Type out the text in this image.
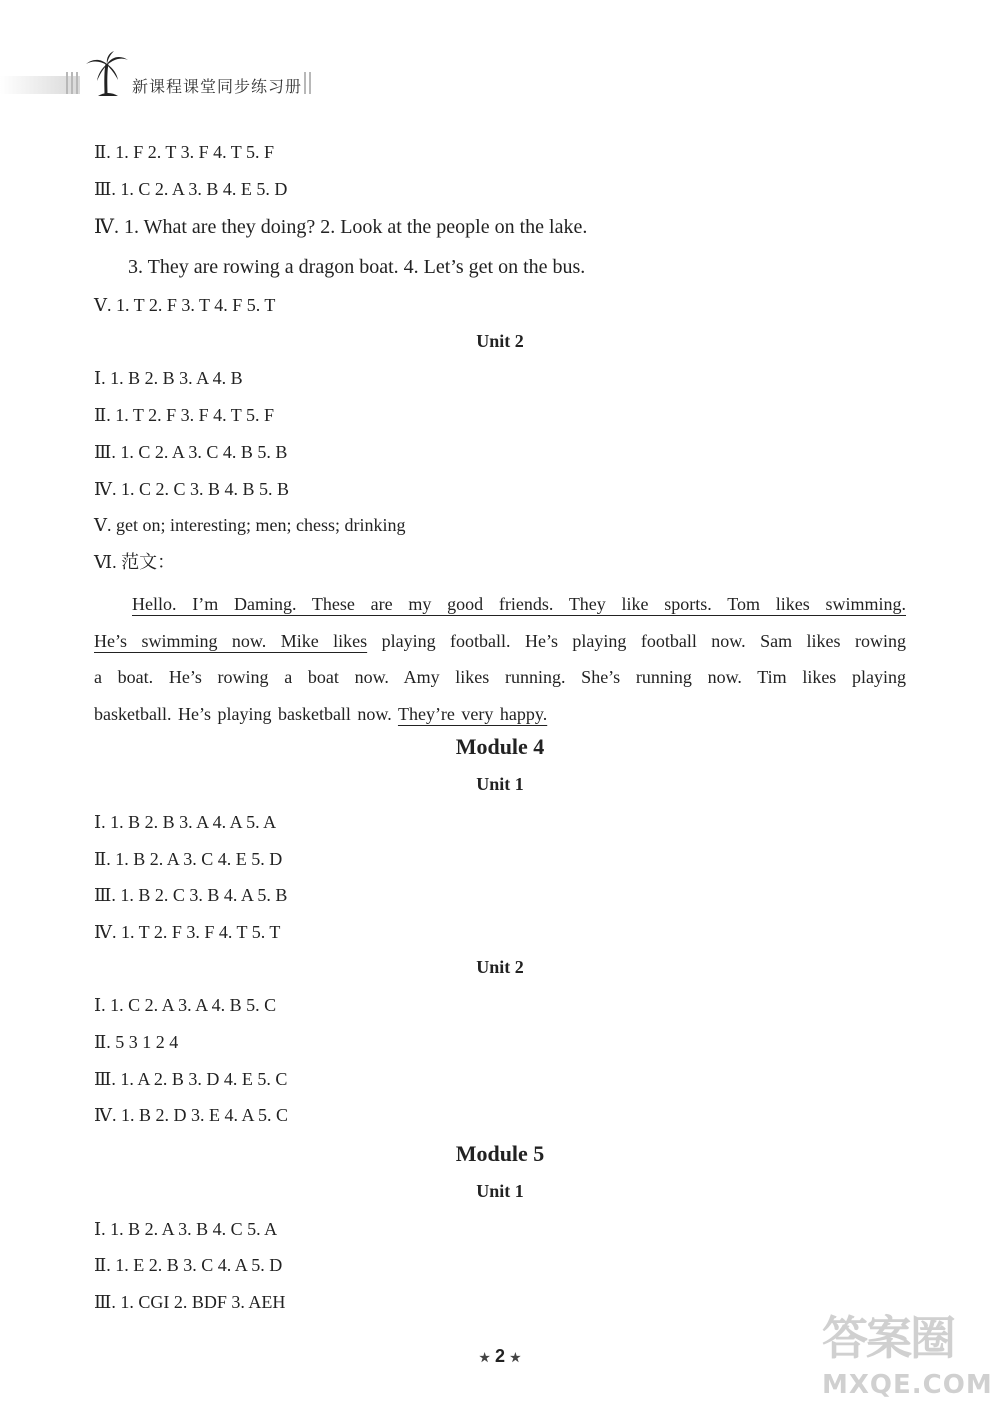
新课程课堂同步练习册
Ⅱ. 1. F 2. T 3. F 4. T 5. F
Ⅲ. 1. C 2. A 3. B 4. E 5. D
Ⅳ. 1. What are they doing? 2. Look at the people on the lake.
3. They are rowing a dragon boat. 4. Let’s get on the bus.
Ⅴ. 1. T 2. F 3. T 4. F 5. T
Unit 2
Ⅰ. 1. B 2. B 3. A 4. B
Ⅱ. 1. T 2. F 3. F 4. T 5. F
Ⅲ. 1. C 2. A 3. C 4. B 5. B
Ⅳ. 1. C 2. C 3. B 4. B 5. B
Ⅴ. get on; interesting; men; chess; drinking
Ⅵ. 范文：
Hello. I’m Daming. These are my good friends. They like sports. Tom likes swimming.
He’s swimming now. Mike likes playing football. He’s playing football now. Sam likes rowing
a boat. He’s rowing a boat now. Amy likes running. She’s running now. Tim likes playing
basketball. He’s playing basketball now. They’re very happy.
Module 4
Unit 1
Ⅰ. 1. B 2. B 3. A 4. A 5. A
Ⅱ. 1. B 2. A 3. C 4. E 5. D
Ⅲ. 1. B 2. C 3. B 4. A 5. B
Ⅳ. 1. T 2. F 3. F 4. T 5. T
Unit 2
Ⅰ. 1. C 2. A 3. A 4. B 5. C
Ⅱ. 5 3 1 2 4
Ⅲ. 1. A 2. B 3. D 4. E 5. C
Ⅳ. 1. B 2. D 3. E 4. A 5. C
Module 5
Unit 1
Ⅰ. 1. B 2. A 3. B 4. C 5. A
Ⅱ. 1. E 2. B 3. C 4. A 5. D
Ⅲ. 1. CGI 2. BDF 3. AEH
★ 2 ★	答案圈
MXQE.COM
